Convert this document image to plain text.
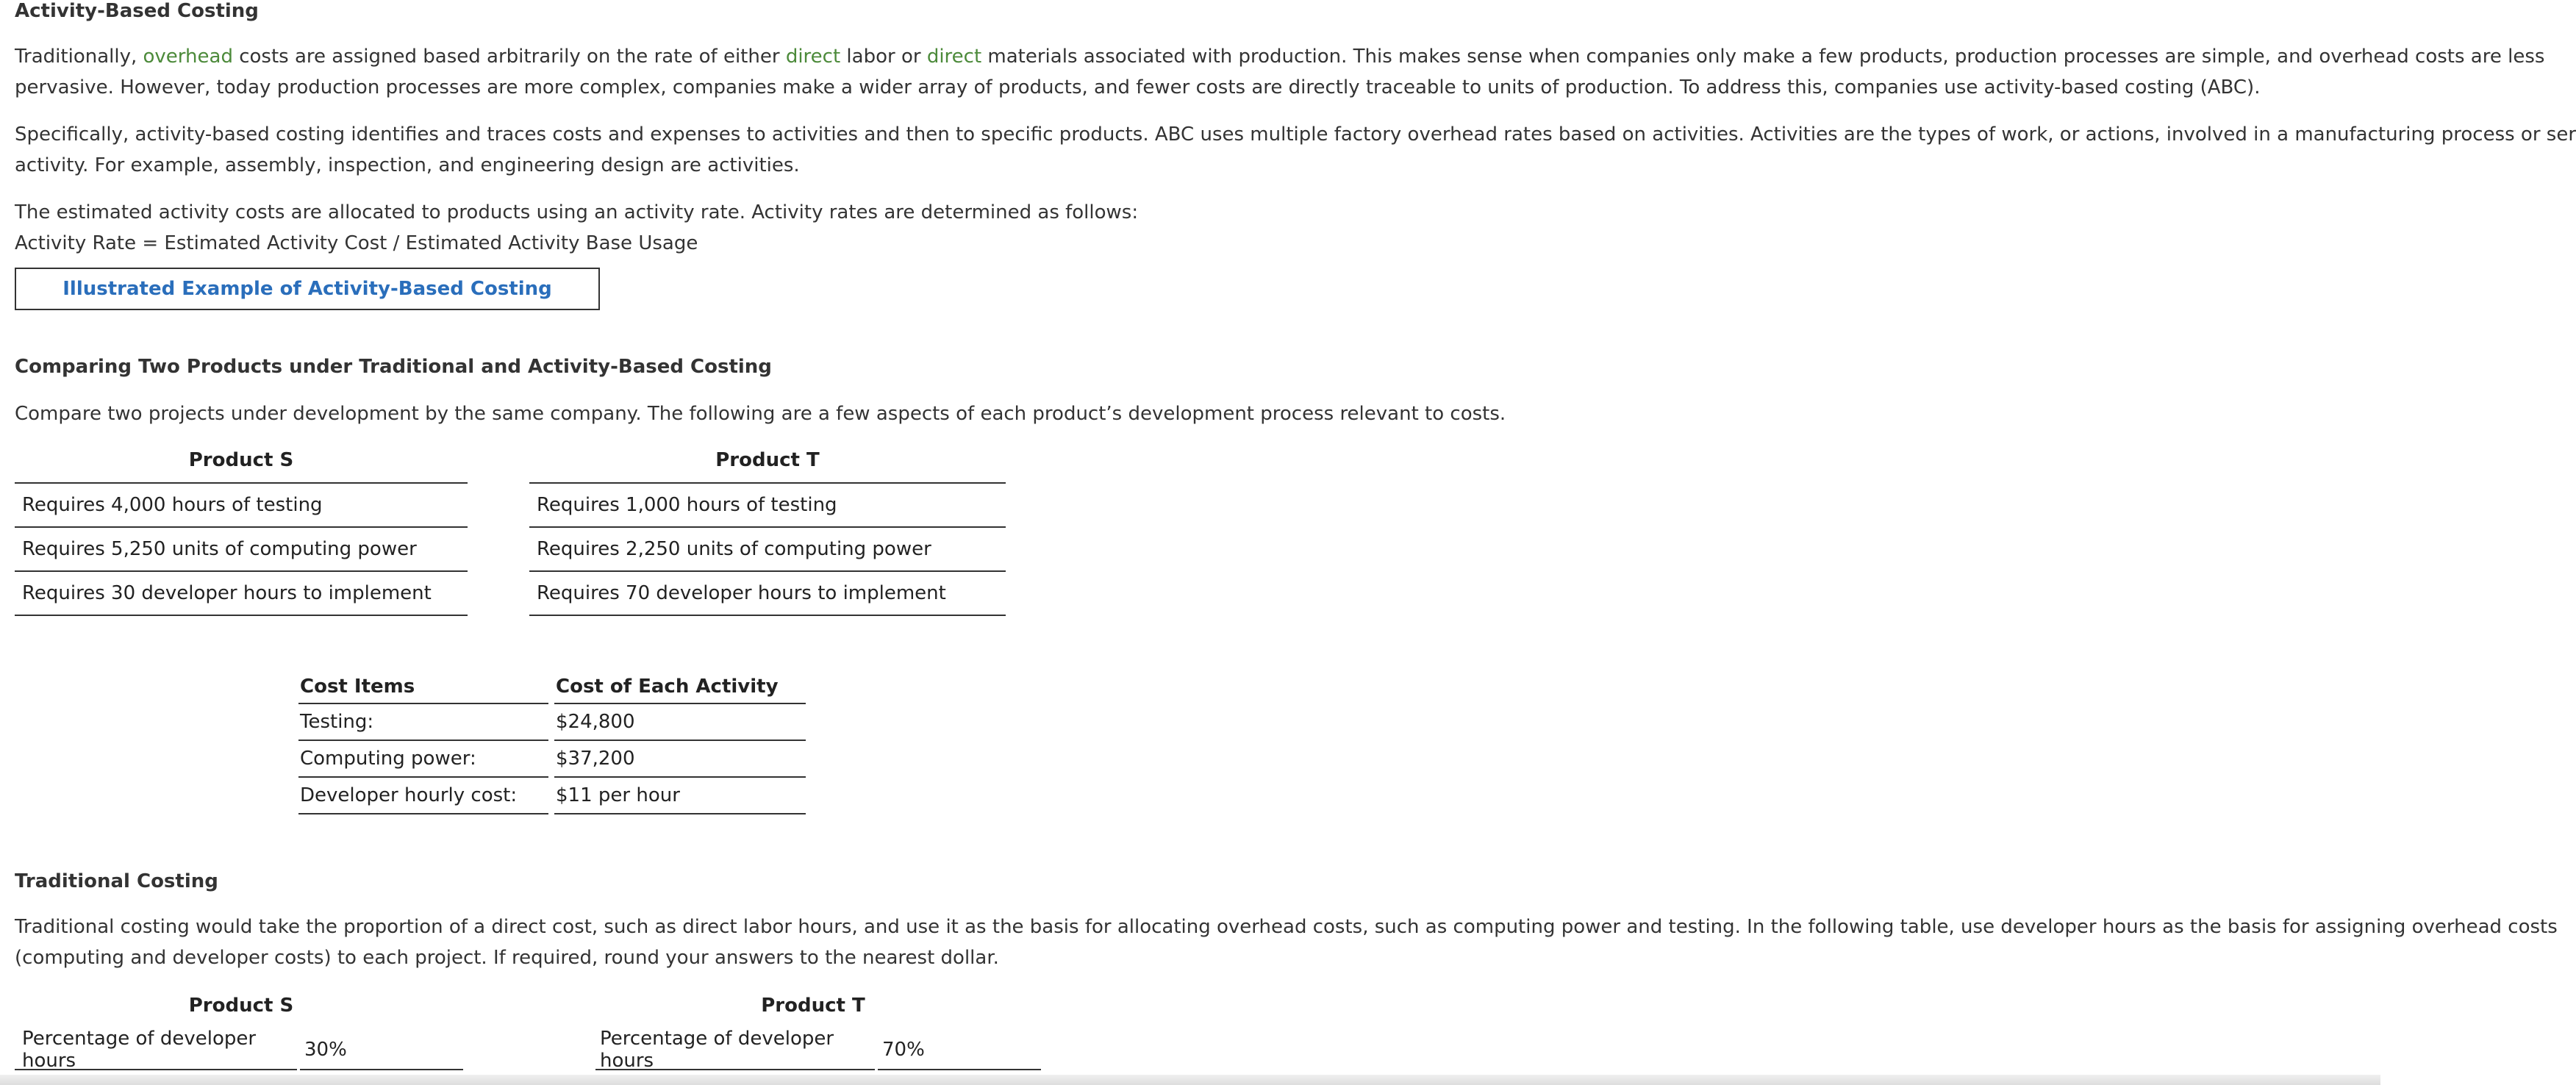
Activity-Based Costing
Traditionally, overhead costs are assigned based arbitrarily on the rate of either direct labor or direct materials associated with production. This makes sense when companies only make a few products, production processes are simple, and overhead costs are less
pervasive. However, today production processes are more complex, companies make a wider array of products, and fewer costs are directly traceable to units of production. To address this, companies use activity-based costing (ABC).
Specifically, activity-based costing identifies and traces costs and expenses to activities and then to specific products. ABC uses multiple factory overhead rates based on activities. Activities are the types of work, or actions, involved in a manufacturing process or ser
activity. For example, assembly, inspection, and engineering design are activities.
The estimated activity costs are allocated to products using an activity rate. Activity rates are determined as follows:
Activity Rate = Estimated Activity Cost / Estimated Activity Base Usage
Illustrated Example of Activity-Based Costing
Comparing Two Products under Traditional and Activity-Based Costing
Compare two projects under development by the same company. The following are a few aspects of each product’s development process relevant to costs.
Product S
Requires 4,000 hours of testing
Requires 5,250 units of computing power
Requires 30 developer hours to implement
Product T
Requires 1,000 hours of testing
Requires 2,250 units of computing power
Requires 70 developer hours to implement
Cost Items	Cost of Each Activity
Testing:	$24,800
Computing power:	$37,200
Developer hourly cost:	$11 per hour
Traditional Costing
Traditional costing would take the proportion of a direct cost, such as direct labor hours, and use it as the basis for allocating overhead costs, such as computing power and testing. In the following table, use developer hours as the basis for assigning overhead costs
(computing and developer costs) to each project. If required, round your answers to the nearest dollar.
Product S
Percentage of developer hours	30%
Product T
Percentage of developer hours	70%
